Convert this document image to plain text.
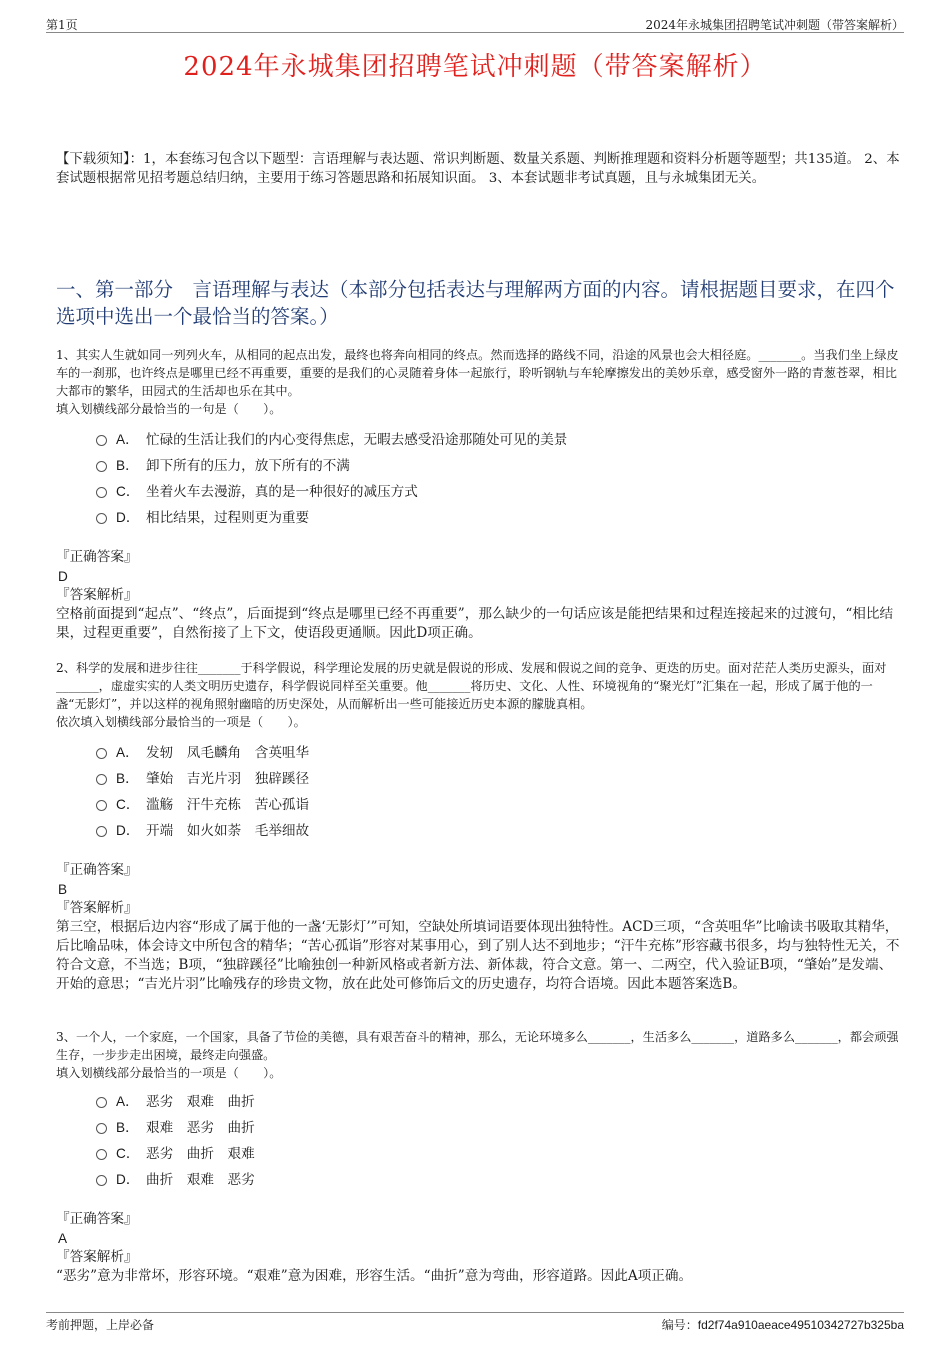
第1页	2024年永城集团招聘笔试冲刺题（带答案解析）
2024年永城集团招聘笔试冲刺题（带答案解析）
【下载须知】：1，本套练习包含以下题型：言语理解与表达题、常识判断题、数量关系题、判断推理题和资料分析题等题型；共135道。 2、本套试题根据常见招考题总结归纳，主要用于练习答题思路和拓展知识面。 3、本套试题非考试真题，且与永城集团无关。
一、第一部分　言语理解与表达（本部分包括表达与理解两方面的内容。请根据题目要求，在四个选项中选出一个最恰当的答案。）
1、其实人生就如同一列列火车，从相同的起点出发，最终也将奔向相同的终点。然而选择的路线不同，沿途的风景也会大相径庭。_______。当我们坐上绿皮车的一刹那，也许终点是哪里已经不再重要，重要的是我们的心灵随着身体一起旅行，聆听钢轨与车轮摩擦发出的美妙乐章，感受窗外一路的青葱苍翠，相比大都市的繁华，田园式的生活却也乐在其中。
填入划横线部分最恰当的一句是（　　）。
A． 忙碌的生活让我们的内心变得焦虑，无暇去感受沿途那随处可见的美景
B． 卸下所有的压力，放下所有的不满
C． 坐着火车去漫游，真的是一种很好的减压方式
D． 相比结果，过程则更为重要
『正确答案』
D
『答案解析』
空格前面提到“起点”、“终点”，后面提到“终点是哪里已经不再重要”，那么缺少的一句话应该是能把结果和过程连接起来的过渡句，“相比结果，过程更重要”，自然衔接了上下文，使语段更通顺。因此D项正确。
2、科学的发展和进步往往_______于科学假说，科学理论发展的历史就是假说的形成、发展和假说之间的竞争、更迭的历史。面对茫茫人类历史源头，面对_______，虚虚实实的人类文明历史遗存，科学假说同样至关重要。他_______将历史、文化、人性、环境视角的“聚光灯”汇集在一起，形成了属于他的一盏“无影灯”，并以这样的视角照射幽暗的历史深处，从而解析出一些可能接近历史本源的朦胧真相。
依次填入划横线部分最恰当的一项是（　　）。
A． 发轫　凤毛麟角　含英咀华
B． 肇始　吉光片羽　独辟蹊径
C． 滥觞　汗牛充栋　苦心孤诣
D． 开端　如火如荼　毛举细故
『正确答案』
B
『答案解析』
第三空，根据后边内容“形成了属于他的一盏‘无影灯’”可知，空缺处所填词语要体现出独特性。ACD三项，“含英咀华”比喻读书吸取其精华，后比喻品味，体会诗文中所包含的精华；“苦心孤诣”形容对某事用心，到了别人达不到地步；“汗牛充栋”形容藏书很多，均与独特性无关，不符合文意，不当选；B项，“独辟蹊径”比喻独创一种新风格或者新方法、新体裁，符合文意。第一、二两空，代入验证B项，“肇始”是发端、开始的意思；“吉光片羽”比喻残存的珍贵文物，放在此处可修饰后文的历史遗存，均符合语境。因此本题答案选B。
3、一个人，一个家庭，一个国家，具备了节俭的美德，具有艰苦奋斗的精神，那么，无论环境多么_______，生活多么_______，道路多么_______，都会顽强生存，一步步走出困境，最终走向强盛。
填入划横线部分最恰当的一项是（　　）。
A． 恶劣　艰难　曲折
B． 艰难　恶劣　曲折
C． 恶劣　曲折　艰难
D． 曲折　艰难　恶劣
『正确答案』
A
『答案解析』
“恶劣”意为非常坏，形容环境。“艰难”意为困难，形容生活。“曲折”意为弯曲，形容道路。因此A项正确。
考前押题，上岸必备	编号：fd2f74a910aeace49510342727b325ba
